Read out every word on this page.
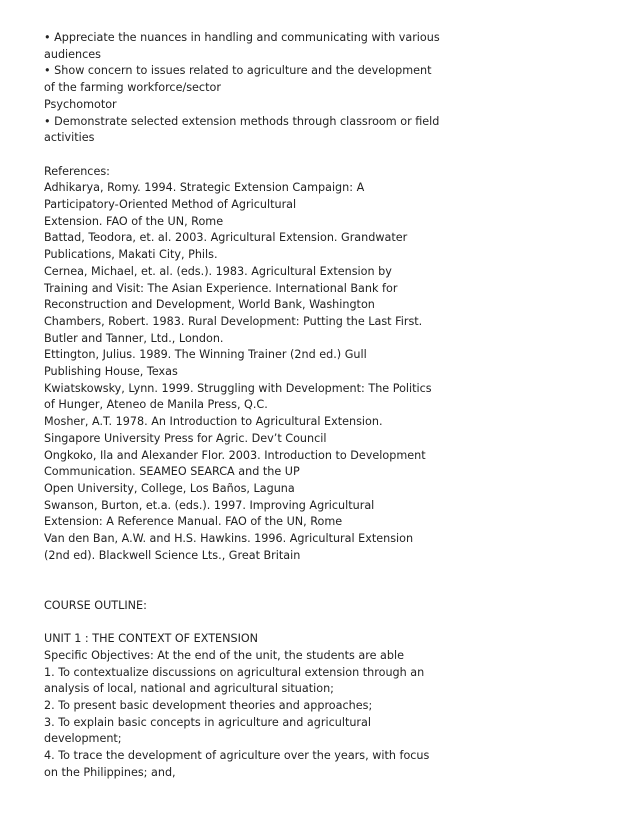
• Appreciate the nuances in handling and communicating with various
audiences
• Show concern to issues related to agriculture and the development
of the farming workforce/sector
Psychomotor
• Demonstrate selected extension methods through classroom or field
activities
References:
Adhikarya, Romy. 1994. Strategic Extension Campaign: A
Participatory-Oriented Method of Agricultural
Extension. FAO of the UN, Rome
Battad, Teodora, et. al. 2003. Agricultural Extension. Grandwater
Publications, Makati City, Phils.
Cernea, Michael, et. al. (eds.). 1983. Agricultural Extension by
Training and Visit: The Asian Experience. International Bank for
Reconstruction and Development, World Bank, Washington
Chambers, Robert. 1983. Rural Development: Putting the Last First.
Butler and Tanner, Ltd., London.
Ettington, Julius. 1989. The Winning Trainer (2nd ed.) Gull
Publishing House, Texas
Kwiatskowsky, Lynn. 1999. Struggling with Development: The Politics
of Hunger, Ateneo de Manila Press, Q.C.
Mosher, A.T. 1978. An Introduction to Agricultural Extension.
Singapore University Press for Agric. Dev’t Council
Ongkoko, Ila and Alexander Flor. 2003. Introduction to Development
Communication. SEAMEO SEARCA and the UP
Open University, College, Los Baños, Laguna
Swanson, Burton, et.a. (eds.). 1997. Improving Agricultural
Extension: A Reference Manual. FAO of the UN, Rome
Van den Ban, A.W. and H.S. Hawkins. 1996. Agricultural Extension
(2nd ed). Blackwell Science Lts., Great Britain
COURSE OUTLINE:
UNIT 1 : THE CONTEXT OF EXTENSION
Specific Objectives: At the end of the unit, the students are able
1. To contextualize discussions on agricultural extension through an
analysis of local, national and agricultural situation;
2. To present basic development theories and approaches;
3. To explain basic concepts in agriculture and agricultural
development;
4. To trace the development of agriculture over the years, with focus
on the Philippines; and,
